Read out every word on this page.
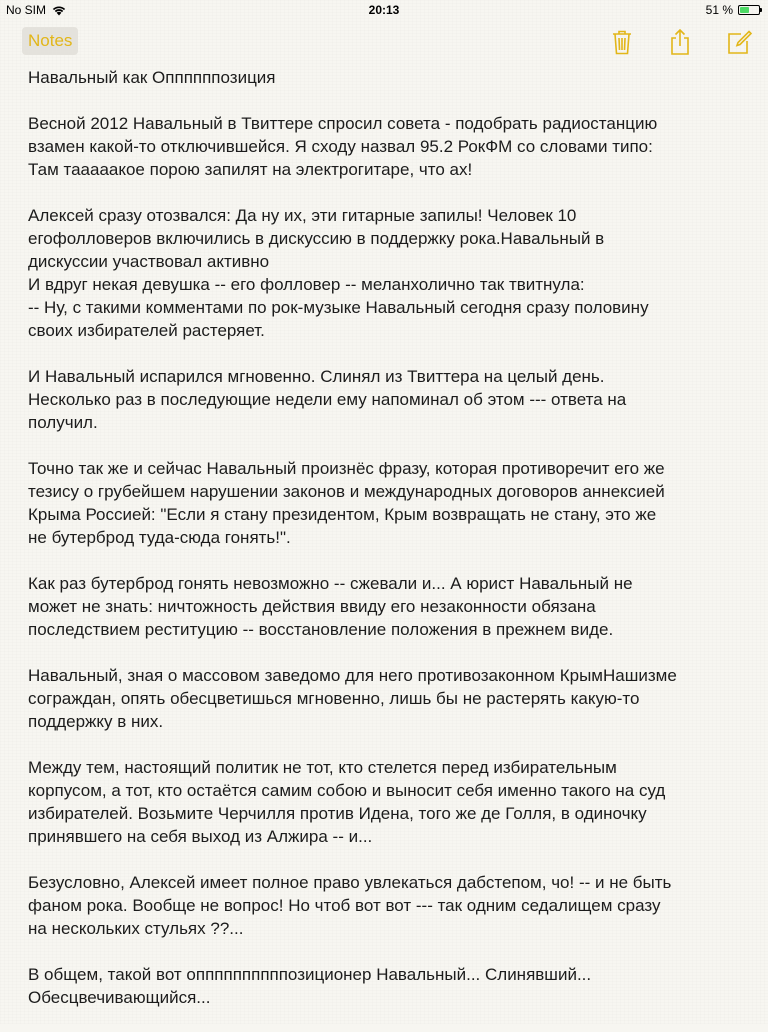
No SIM	20:13	51 %
Notes
Навальный как Оппппппозиция
Весной 2012 Навальный в Твиттере спросил совета - подобрать радиостанцию
взамен какой-то отключившейся. Я сходу назвал 95.2 РокФМ со словами типо:
Там тааааакое порою запилят на электрогитаре, что ах!
Алексей сразу отозвался: Да ну их, эти гитарные запилы! Человек 10
егофолловеров включились в дискуссию в поддержку рока.Навальный в
дискуссии участвовал активно
И вдруг некая девушка -- его фолловер -- меланхолично так твитнула:
-- Ну, с такими комментами по рок-музыке Навальный сегодня сразу половину
своих избирателей растеряет.
И Навальный испарился мгновенно. Слинял из Твиттера на целый день.
Несколько раз в последующие недели ему напоминал об этом --- ответа на
получил.
Точно так же и сейчас Навальный произнёс фразу, которая противоречит его же
тезису о грубейшем нарушении законов и международных договоров аннексией
Крыма Россией: "Если я стану президентом, Крым возвращать не стану, это же
не бутерброд туда-сюда гонять!".
Как раз бутерброд гонять невозможно -- сжевали и... А юрист Навальный не
может не знать: ничтожность действия ввиду его незаконности обязана
последствием реституцию -- восстановление положения в прежнем виде.
Навальный, зная о массовом заведомо для него противозаконном КрымНашизме
сограждан, опять обесцветишься мгновенно, лишь бы не растерять какую-то
поддержку в них.
Между тем, настоящий политик не тот, кто стелется перед избирательным
корпусом, а тот, кто остаётся самим собою и выносит себя именно такого на суд
избирателей. Возьмите Черчилля против Идена, того же де Голля, в одиночку
принявшего на себя выход из Алжира -- и...
Безусловно, Алексей имеет полное право увлекаться дабстепом, чо! -- и не быть
фаном рока. Вообще не вопрос! Но чтоб вот вот --- так одним седалищем сразу
на нескольких стульях ??...
В общем, такой вот оппппппппппозиционер Навальный... Слинявший...
Обесцвечивающийся...
